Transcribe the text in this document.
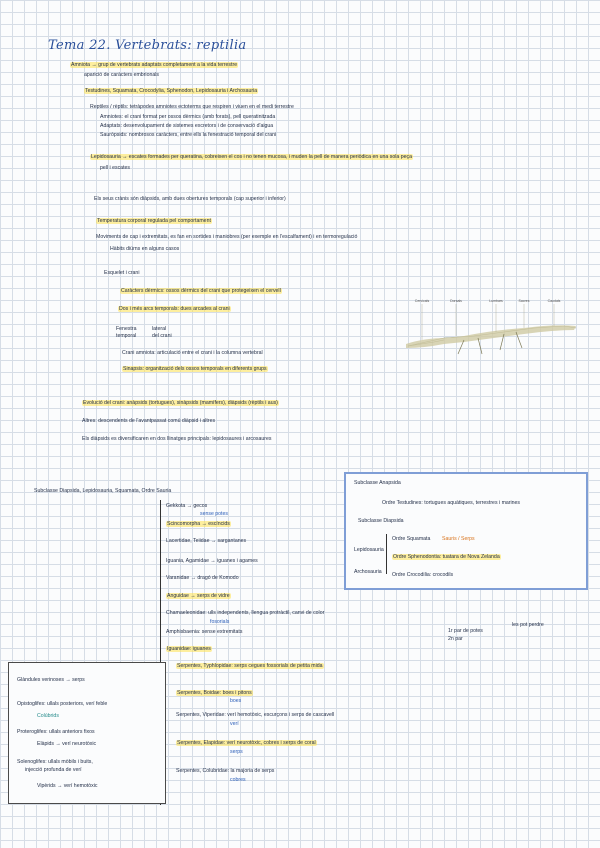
Tema 22. Vertebrats: reptilia
Amniota → grup de vertebrats adaptats completament a la vida terrestre
aparició de caràcters embrionals
Testudines, Squamata, Crocodylia, Sphenodon, Lepidosauria i Archosauria
Reptiles / rèptils: tetràpodes amniotes ectoterms que respiren i viuen en el medi terrestre
Amniotes: el crani format per ossos dèrmics (amb forats), pell queratinitzada
Adaptats: desenvolupament de sistemes excretors i de conservació d'aigua
Sauròpsids: nombrosos caràcters, entre ells la fenestració temporal del crani
Lepidosauria → escates formades per queratina, cobreixen el cos i no tenen mucosa, i muden la pell de manera periòdica en una sola peça
pell i escates
Els seus crànis són diàpsids, amb dues obertures temporals (cap superior i inferior)
Temperatura corporal regulada pel comportament
Moviments de cap i extremitats, es fan en sortides i maniobres (per exemple en l'escalfament) i en termoregulació
Hàbits diürns en alguns casos
Esquelet i crani
Caràcters dèrmics: ossos dèrmics del crani que protegeixen el cervell
Dos i més arcs temporals: dues arcades al crani
Fenestra
temporal
lateral
del crani
Crani amniota: articulació entre el crani i la columna vertebral
Sinapsis: organització dels ossos temporals en diferents grups
Cervicals	Dorsals	Lumbars	Sacres	Caudals
Evolució del crani: anàpsids (tortugues), sinàpsids (mamífers), diàpsids (rèptils i aus)
Altres: descendents de l'avantpassat comú diàpsid i altres
Els diàpsids es diversificaren en dos llinatges principals: lepidosaures i arcosaures
Subclasse Diapsida, Lepidosauria, Squamata, Ordre Sauria
Gekkota → gecos
sense potes
Scincomorpha → escíncids
Lacertidae, Teiidae → sargantanes
Iguania, Agamidae → iguanes i agames
Varanidae → dragó de Komodo
Anguidae → serps de vidre
Chamaeleonidae: ulls independents, llengua protràctil, canvi de color
fosorials
Amphisbaenia: sense extremitats
Iguanidae: iguanes
1r par de potes
2n par
les pot perdre
Serpentes, Typhlopidae: serps cegues fossorials de petita mida
Serpentes, Boidae: boes i pitons
boes
Serpentes, Viperidae: verí hemotòxic, escurçons i serps de cascavell
verí
Serpentes, Elapidae: verí neurotòxic, cobres i serps de coral
serps
Serpentes, Colubridae: la majoria de serps
cobres
Subclasse Anapsida
Ordre Testudines: tortugues aquàtiques, terrestres i marines
Subclasse Diapsida
Lepidosauria
Archosauria
Ordre Squamata Sauris / Serps
Ordre Sphenodontia: tuatara de Nova Zelanda
Ordre Crocodilia: crocodils
Glàndules verinoses → serps
Opistoglifes: ullals posteriors, verí feble
Colúbrids
Proteroglifes: ullals anteriors fixos
Elàpids → verí neurotòxic
Solenoglifes: ullals mòbils i buits,
injecció profunda de verí
Vipèrids → verí hemotòxic
